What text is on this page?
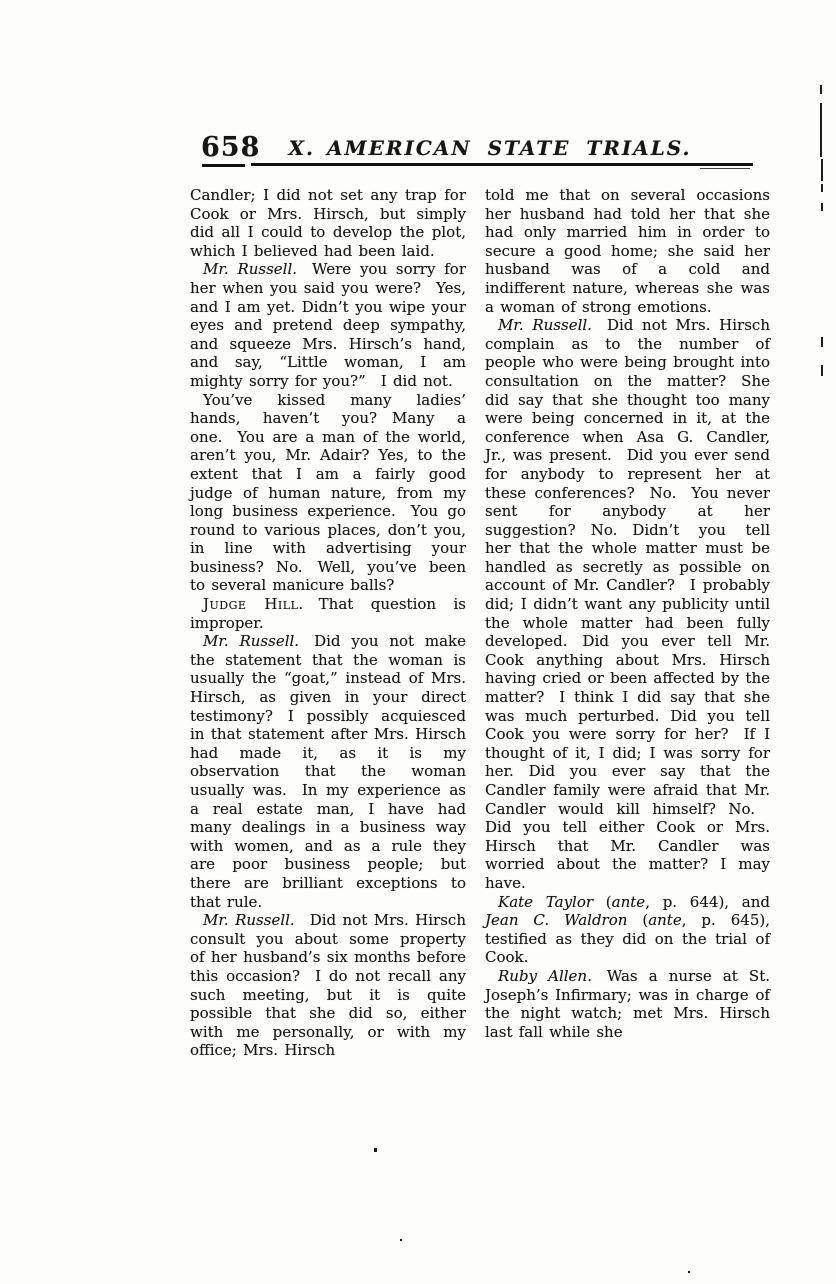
658	X. AMERICAN STATE TRIALS.

Candler; I did not set any trap for Cook or Mrs. Hirsch, but simply did all I could to develop the plot, which I believed had been laid.

Mr. Russell. Were you sorry for her when you said you were? Yes, and I am yet. Didn’t you wipe your eyes and pretend deep sympathy, and squeeze Mrs. Hirsch’s hand, and say, “Little woman, I am mighty sorry for you?” I did not.

You’ve kissed many ladies’ hands, haven’t you? Many a one. You are a man of the world, aren’t you, Mr. Adair? Yes, to the extent that I am a fairly good judge of human nature, from my long business experience. You go round to various places, don’t you, in line with advertising your business? No. Well, you’ve been to several manicure balls?

Judge Hill. That question is improper.

Mr. Russell. Did you not make the statement that the woman is usually the “goat,” instead of Mrs. Hirsch, as given in your direct testimony? I possibly acquiesced in that statement after Mrs. Hirsch had made it, as it is my observation that the woman usually was. In my experience as a real estate man, I have had many dealings in a business way with women, and as a rule they are poor business people; but there are brilliant exceptions to that rule.

Mr. Russell. Did not Mrs. Hirsch consult you about some property of her husband’s six months before this occasion? I do not recall any such meeting, but it is quite possible that she did so, either with me personally, or with my office; Mrs. Hirsch

told me that on several occasions her husband had told her that she had only married him in order to secure a good home; she said her husband was of a cold and indifferent nature, whereas she was a woman of strong emotions.

Mr. Russell. Did not Mrs. Hirsch complain as to the number of people who were being brought into consultation on the matter? She did say that she thought too many were being concerned in it, at the conference when Asa G. Candler, Jr., was present. Did you ever send for anybody to represent her at these conferences? No. You never sent for anybody at her suggestion? No. Didn’t you tell her that the whole matter must be handled as secretly as possible on account of Mr. Candler? I probably did; I didn’t want any publicity until the whole matter had been fully developed. Did you ever tell Mr. Cook anything about Mrs. Hirsch having cried or been affected by the matter? I think I did say that she was much perturbed. Did you tell Cook you were sorry for her? If I thought of it, I did; I was sorry for her. Did you ever say that the Candler family were afraid that Mr. Candler would kill himself? No. Did you tell either Cook or Mrs. Hirsch that Mr. Candler was worried about the matter? I may have.

Kate Taylor (ante, p. 644), and Jean C. Waldron (ante, p. 645), testified as they did on the trial of Cook.

Ruby Allen. Was a nurse at St. Joseph’s Infirmary; was in charge of the night watch; met Mrs. Hirsch last fall while she
